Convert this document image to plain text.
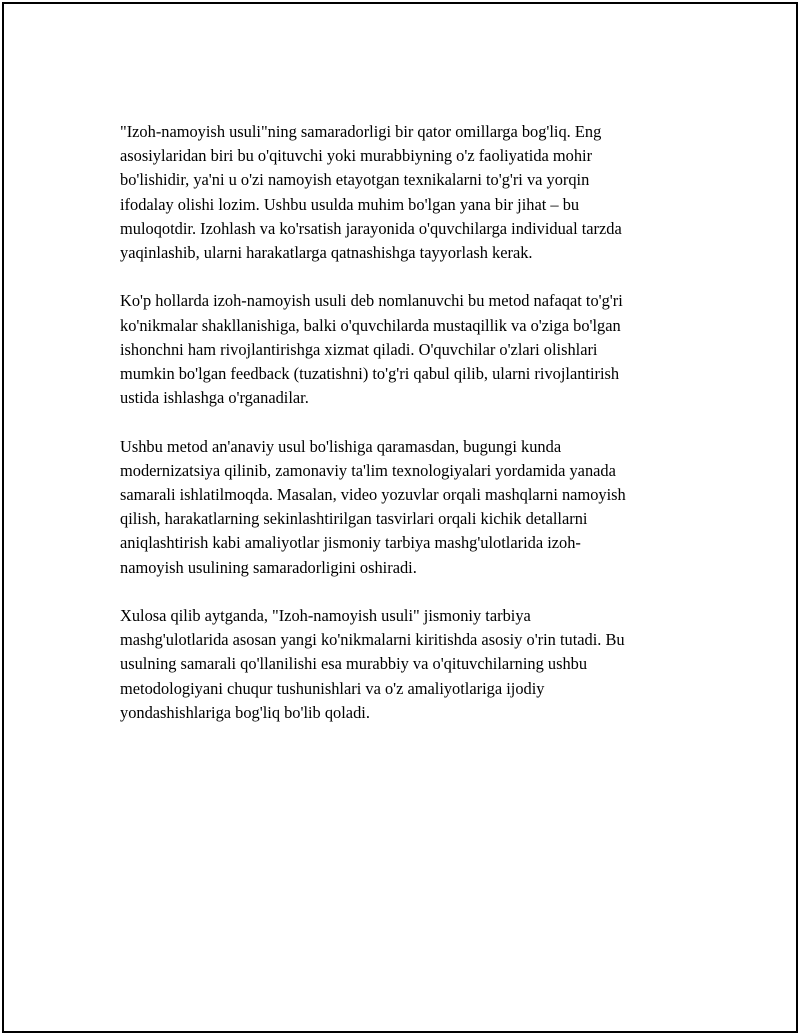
"Izoh-namoyish usuli"ning samaradorligi bir qator omillarga bog'liq. Eng
asosiylaridan biri bu o'qituvchi yoki murabbiyning o'z faoliyatida mohir
bo'lishidir, ya'ni u o'zi namoyish etayotgan texnikalarni to'g'ri va yorqin
ifodalay olishi lozim. Ushbu usulda muhim bo'lgan yana bir jihat – bu
muloqotdir. Izohlash va ko'rsatish jarayonida o'quvchilarga individual tarzda
yaqinlashib, ularni harakatlarga qatnashishga tayyorlash kerak.

Ko'p hollarda izoh-namoyish usuli deb nomlanuvchi bu metod nafaqat to'g'ri
ko'nikmalar shakllanishiga, balki o'quvchilarda mustaqillik va o'ziga bo'lgan
ishonchni ham rivojlantirishga xizmat qiladi. O'quvchilar o'zlari olishlari
mumkin bo'lgan feedback (tuzatishni) to'g'ri qabul qilib, ularni rivojlantirish
ustida ishlashga o'rganadilar.

Ushbu metod an'anaviy usul bo'lishiga qaramasdan, bugungi kunda
modernizatsiya qilinib, zamonaviy ta'lim texnologiyalari yordamida yanada
samarali ishlatilmoqda. Masalan, video yozuvlar orqali mashqlarni namoyish
qilish, harakatlarning sekinlashtirilgan tasvirlari orqali kichik detallarni
aniqlashtirish kabi amaliyotlar jismoniy tarbiya mashg'ulotlarida izoh-
namoyish usulining samaradorligini oshiradi.

Xulosa qilib aytganda, "Izoh-namoyish usuli" jismoniy tarbiya
mashg'ulotlarida asosan yangi ko'nikmalarni kiritishda asosiy o'rin tutadi. Bu
usulning samarali qo'llanilishi esa murabbiy va o'qituvchilarning ushbu
metodologiyani chuqur tushunishlari va o'z amaliyotlariga ijodiy
yondashishlariga bog'liq bo'lib qoladi.
